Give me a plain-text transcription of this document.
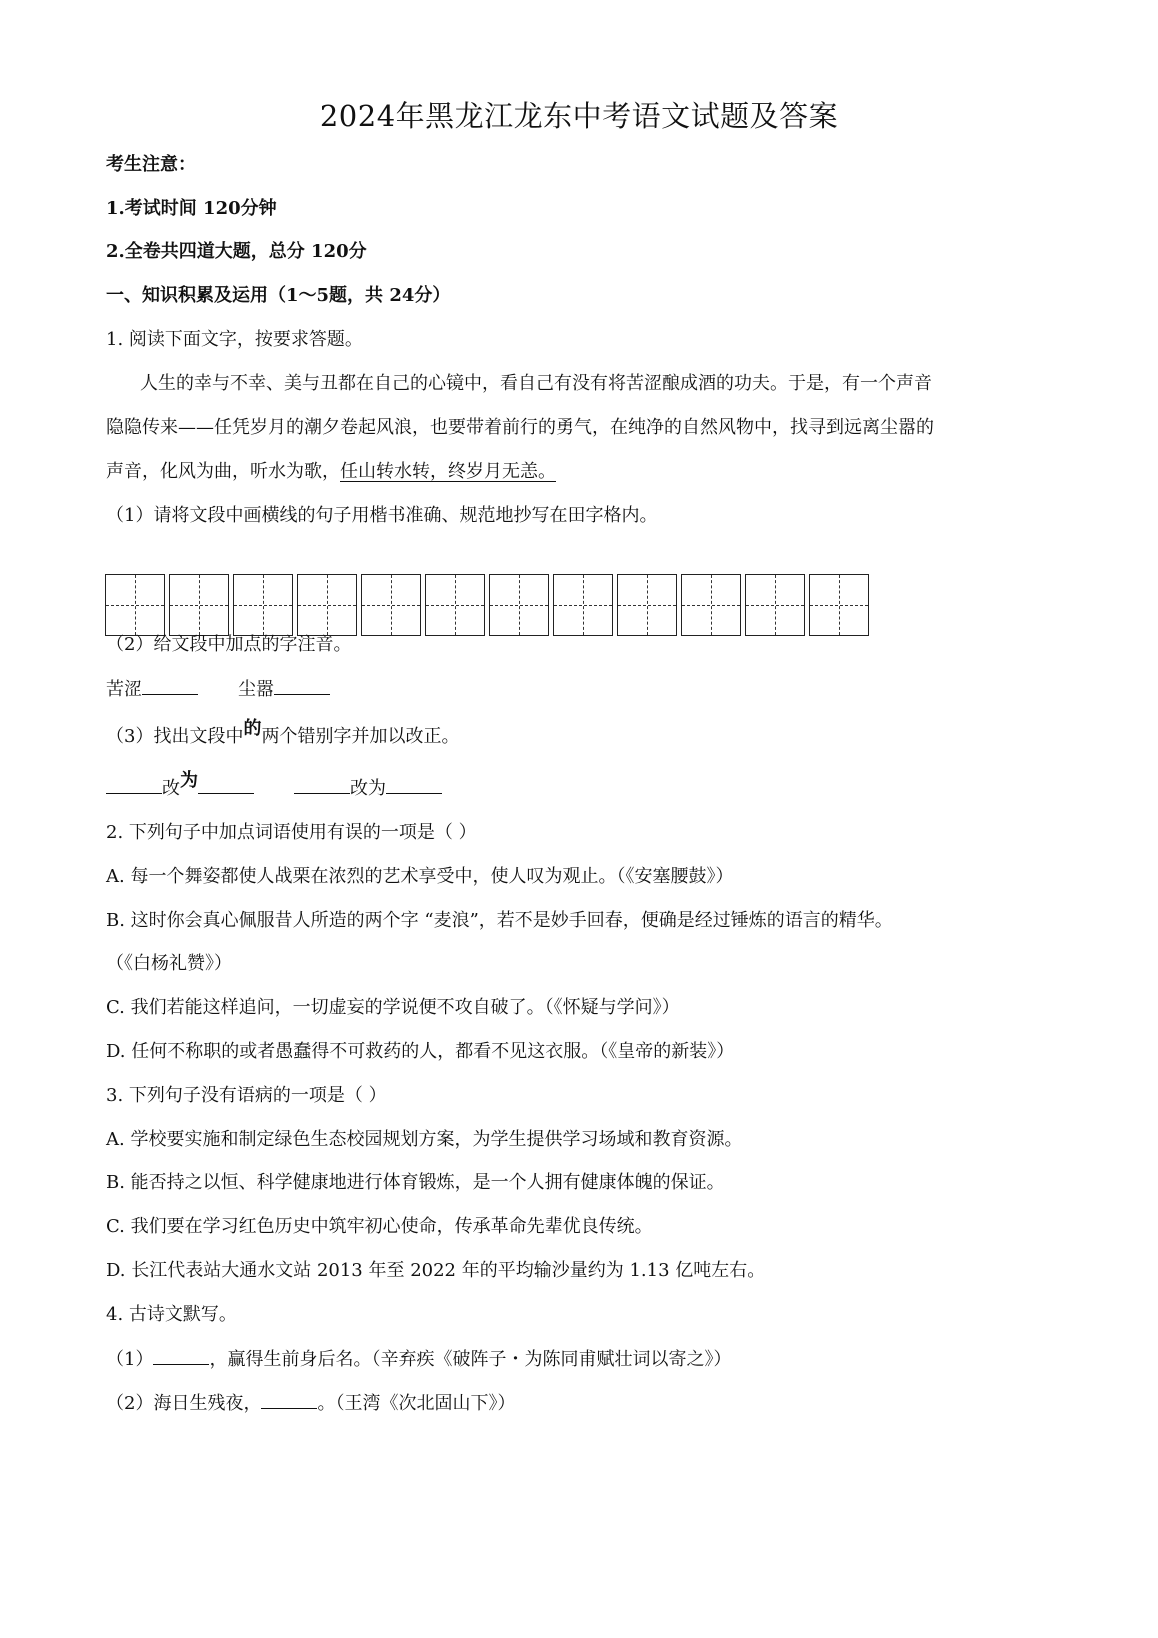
2024年黑龙江龙东中考语文试题及答案
考生注意：
1.考试时间 120分钟
2.全卷共四道大题，总分 120分
一、知识积累及运用（1～5题，共 24分）
1. 阅读下面文字，按要求答题。
人生的幸与不幸、美与丑都在自己的心镜中，看自己有没有将苦涩酿成酒的功夫。于是，有一个声音
隐隐传来——任凭岁月的潮夕卷起风浪，也要带着前行的勇气，在纯净的自然风物中，找寻到远离尘嚣的
声音，化风为曲，听水为歌，任山转水转，终岁月无恙。
（1）请将文段中画横线的句子用楷书准确、规范地抄写在田字格内。
（2）给文段中加点的字注音。
苦涩	尘嚣
（3）找出文段中的两个错别字并加以改正。
改为	改为
2. 下列句子中加点词语使用有误的一项是（ ）
A. 每一个舞姿都使人战栗在浓烈的艺术享受中，使人叹为观止。（《安塞腰鼓》）
B. 这时你会真心佩服昔人所造的两个字 “麦浪”，若不是妙手回春，便确是经过锤炼的语言的精华。
（《白杨礼赞》）
C. 我们若能这样追问，一切虚妄的学说便不攻自破了。（《怀疑与学问》）
D. 任何不称职的或者愚蠢得不可救药的人，都看不见这衣服。（《皇帝的新装》）
3. 下列句子没有语病的一项是（ ）
A. 学校要实施和制定绿色生态校园规划方案，为学生提供学习场域和教育资源。
B. 能否持之以恒、科学健康地进行体育锻炼，是一个人拥有健康体魄的保证。
C. 我们要在学习红色历史中筑牢初心使命，传承革命先辈优良传统。
D. 长江代表站大通水文站 2013 年至 2022 年的平均输沙量约为 1.13 亿吨左右。
4. 古诗文默写。
（1）	，赢得生前身后名。（辛弃疾《破阵子・为陈同甫赋壮词以寄之》）
（2）海日生残夜，	。（王湾《次北固山下》）
